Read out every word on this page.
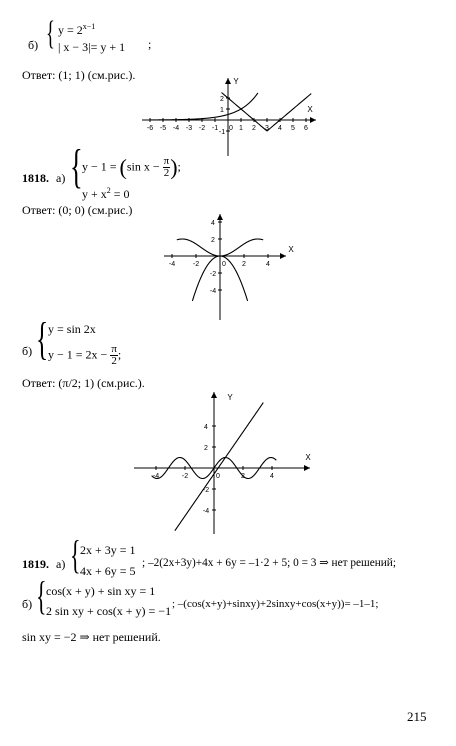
б) { $y = 2^{x-1}$
| x − 3|= y + 1 ;
Ответ: (1; 1) (см.рис.).
X
Y
-6 -5 -4 -3 -2 -1	1 2 3 4 5 6
0
2
1
-1
1818. а) { y − 1 = (sin $x - \frac{\pi}{2}$ );
$y + x^2 = 0$
Ответ: (0; 0) (см.рис.)
X
-4	-2	0 2	4
4
2
-2
-4
б) { y = sin 2x
$y - 1 = 2x - \frac{\pi}{2}$ ;
Ответ: (π/2; 1) (см.рис.).
X
Y
-4	-2	0	2	4
4
2
-2
-4
1819. а) { 2x + 3y = 1
4x + 6y = 5
; –2(2x+3y)+4x + 6y = –1·2 + 5; 0 = 3 ⇒ нет решений;
б) { cos(x + y) + sin xy = 1
2 sin xy + cos(x + y) = −1 ; –(cos(x+y)+sinxy)+2sinxy+cos(x+y))= –1–1;
sin xy = −2 ⇒ нет решений.
215
